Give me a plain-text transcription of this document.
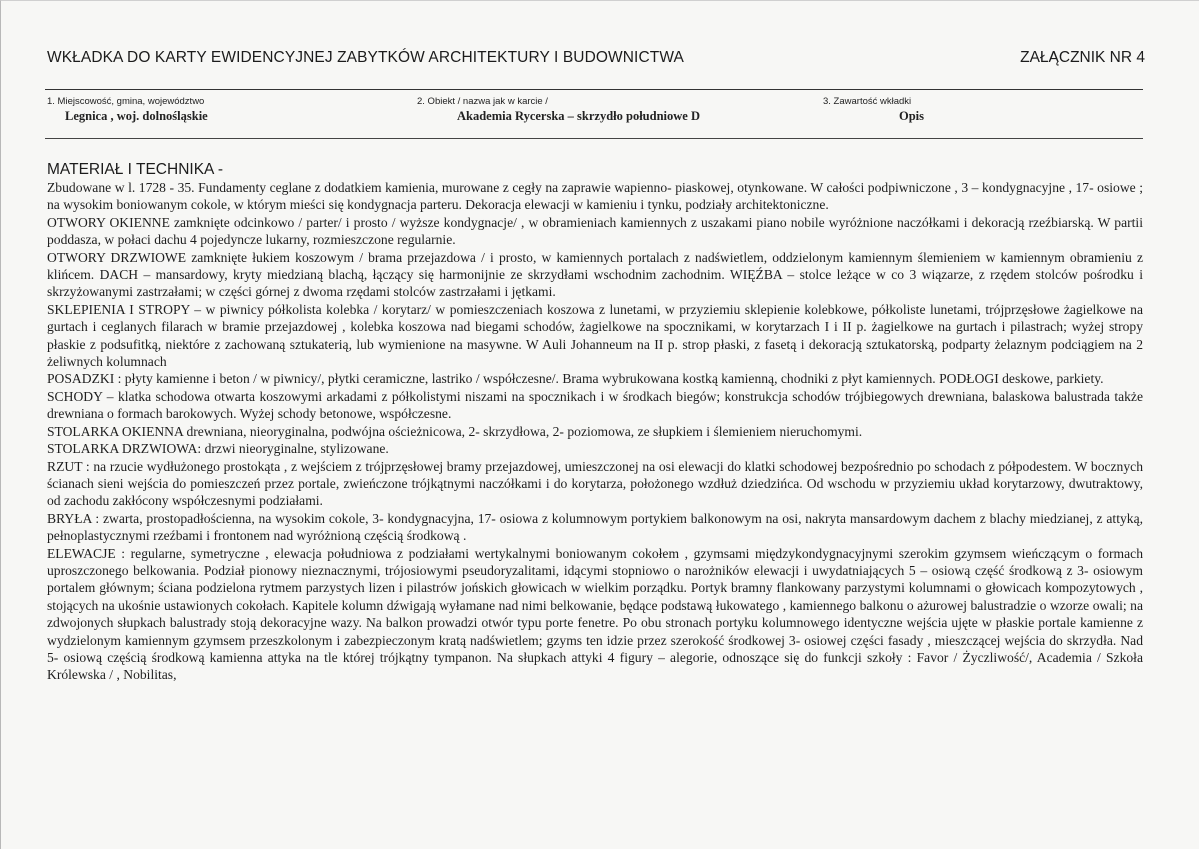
WKŁADKA DO KARTY EWIDENCYJNEJ ZABYTKÓW ARCHITEKTURY I BUDOWNICTWA	ZAŁĄCZNIK NR 4
1. Miejscowość, gmina, województwo
Legnica , woj. dolnośląskie
2. Obiekt / nazwa jak w karcie /
Akademia Rycerska – skrzydło południowe D
3. Zawartość wkładki
Opis
MATERIAŁ I TECHNIKA -

Zbudowane w l. 1728 - 35. Fundamenty ceglane z dodatkiem kamienia, murowane z cegły na zaprawie wapienno- piaskowej, otynkowane. W całości podpiwniczone , 3 – kondygnacyjne , 17- osiowe ; na wysokim boniowanym cokole, w którym mieści się kondygnacja parteru. Dekoracja elewacji w kamieniu i tynku, podziały architektoniczne.

OTWORY OKIENNE zamknięte odcinkowo / parter/ i prosto / wyższe kondygnacje/ , w obramieniach kamiennych z uszakami piano nobile wyróżnione naczółkami i dekoracją rzeźbiarską. W partii poddasza, w połaci dachu 4 pojedyncze lukarny, rozmieszczone regularnie.

OTWORY DRZWIOWE zamknięte łukiem koszowym / brama przejazdowa / i prosto, w kamiennych portalach z nadświetlem, oddzielonym kamiennym ślemieniem w kamiennym obramieniu z klińcem. DACH – mansardowy, kryty miedzianą blachą, łączący się harmonijnie ze skrzydłami wschodnim zachodnim. WIĘŹBA – stolce leżące w co 3 wiązarze, z rzędem stolców pośrodku i skrzyżowanymi zastrzałami; w części górnej z dwoma rzędami stolców zastrzałami i jętkami.

SKLEPIENIA I STROPY – w piwnicy półkolista kolebka / korytarz/ w pomieszczeniach koszowa z lunetami, w przyziemiu sklepienie kolebkowe, półkoliste lunetami, trójprzęsłowe żagielkowe na gurtach i ceglanych filarach w bramie przejazdowej , kolebka koszowa nad biegami schodów, żagielkowe na spocznikami, w korytarzach I i II p. żagielkowe na gurtach i pilastrach; wyżej stropy płaskie z podsufitką, niektóre z zachowaną sztukaterią, lub wymienione na masywne. W Auli Johanneum na II p. strop płaski, z fasetą i dekoracją sztukatorską, podparty żelaznym podciągiem na 2 żeliwnych kolumnach

POSADZKI : płyty kamienne i beton / w piwnicy/, płytki ceramiczne, lastriko / współczesne/. Brama wybrukowana kostką kamienną, chodniki z płyt kamiennych. PODŁOGI deskowe, parkiety.

SCHODY – klatka schodowa otwarta koszowymi arkadami z półkolistymi niszami na spocznikach i w środkach biegów; konstrukcja schodów trójbiegowych drewniana, balaskowa balustrada także drewniana o formach barokowych. Wyżej schody betonowe, współczesne.

STOLARKA OKIENNA drewniana, nieoryginalna, podwójna ościeżnicowa, 2- skrzydłowa, 2- poziomowa, ze słupkiem i ślemieniem nieruchomymi.

STOLARKA DRZWIOWA: drzwi nieoryginalne, stylizowane.

RZUT : na rzucie wydłużonego prostokąta , z wejściem z trójprzęsłowej bramy przejazdowej, umieszczonej na osi elewacji do klatki schodowej bezpośrednio po schodach z półpodestem. W bocznych ścianach sieni wejścia do pomieszczeń przez portale, zwieńczone trójkątnymi naczółkami i do korytarza, położonego wzdłuż dziedzińca. Od wschodu w przyziemiu układ korytarzowy, dwutraktowy, od zachodu zakłócony współczesnymi podziałami.

BRYŁA : zwarta, prostopadłościenna, na wysokim cokole, 3- kondygnacyjna, 17- osiowa z kolumnowym portykiem balkonowym na osi, nakryta mansardowym dachem z blachy miedzianej, z attyką, pełnoplastycznymi rzeźbami i frontonem nad wyróżnioną częścią środkową .

ELEWACJE : regularne, symetryczne , elewacja południowa z podziałami wertykalnymi boniowanym cokołem , gzymsami międzykondygnacyjnymi szerokim gzymsem wieńczącym o formach uproszczonego belkowania. Podział pionowy nieznacznymi, trójosiowymi pseudoryzalitami, idącymi stopniowo o narożników elewacji i uwydatniających 5 – osiową część środkową z 3- osiowym portalem głównym; ściana podzielona rytmem parzystych lizen i pilastrów jońskich głowicach w wielkim porządku. Portyk bramny flankowany parzystymi kolumnami o głowicach kompozytowych , stojących na ukośnie ustawionych cokołach. Kapitele kolumn dźwigają wyłamane nad nimi belkowanie, będące podstawą łukowatego , kamiennego balkonu o ażurowej balustradzie o wzorze owali; na zdwojonych słupkach balustrady stoją dekoracyjne wazy. Na balkon prowadzi otwór typu porte fenetre. Po obu stronach portyku kolumnowego identyczne wejścia ujęte w płaskie portale kamienne z wydzielonym kamiennym gzymsem przeszkolonym i zabezpieczonym kratą nadświetlem; gzyms ten idzie przez szerokość środkowej 3- osiowej części fasady , mieszczącej wejścia do skrzydła. Nad 5- osiową częścią środkową kamienna attyka na tle której trójkątny tympanon. Na słupkach attyki 4 figury – alegorie, odnoszące się do funkcji szkoły : Favor / Życzliwość/, Academia / Szkoła Królewska / , Nobilitas,
